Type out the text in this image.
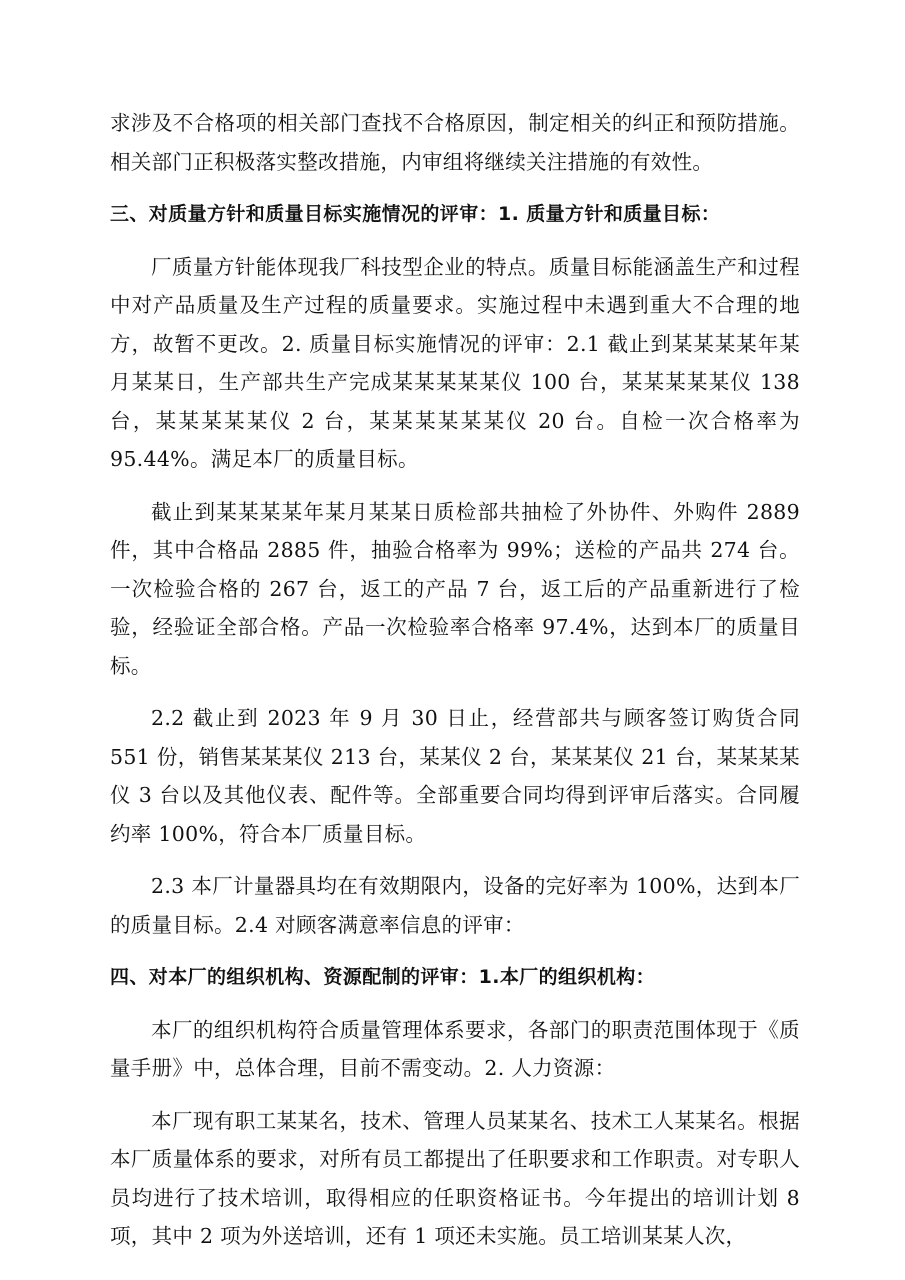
求涉及不合格项的相关部门查找不合格原因，制定相关的纠正和预防措施。相关部门正积极落实整改措施，内审组将继续关注措施的有效性。

三、对质量方针和质量目标实施情况的评审：1. 质量方针和质量目标：

厂质量方针能体现我厂科技型企业的特点。质量目标能涵盖生产和过程中对产品质量及生产过程的质量要求。实施过程中未遇到重大不合理的地方，故暂不更改。2. 质量目标实施情况的评审：2.1 截止到某某某某年某月某某日，生产部共生产完成某某某某某仪 100 台，某某某某某仪 138 台，某某某某某仪 2 台，某某某某某某仪 20 台。自检一次合格率为 95.44%。满足本厂的质量目标。

截止到某某某某年某月某某日质检部共抽检了外协件、外购件 2889 件，其中合格品 2885 件，抽验合格率为 99%；送检的产品共 274 台。一次检验合格的 267 台，返工的产品 7 台，返工后的产品重新进行了检验，经验证全部合格。产品一次检验率合格率 97.4%，达到本厂的质量目标。

2.2 截止到 2023 年 9 月 30 日止，经营部共与顾客签订购货合同 551 份，销售某某某仪 213 台，某某仪 2 台，某某某仪 21 台，某某某某仪 3 台以及其他仪表、配件等。全部重要合同均得到评审后落实。合同履约率 100%，符合本厂质量目标。

2.3 本厂计量器具均在有效期限内，设备的完好率为 100%，达到本厂的质量目标。2.4 对顾客满意率信息的评审：

四、对本厂的组织机构、资源配制的评审：1.本厂的组织机构：

本厂的组织机构符合质量管理体系要求，各部门的职责范围体现于《质量手册》中，总体合理，目前不需变动。2. 人力资源：

本厂现有职工某某名，技术、管理人员某某名、技术工人某某名。根据本厂质量体系的要求，对所有员工都提出了任职要求和工作职责。对专职人员均进行了技术培训，取得相应的任职资格证书。今年提出的培训计划 8 项，其中 2 项为外送培训，还有 1 项还未实施。员工培训某某人次，
